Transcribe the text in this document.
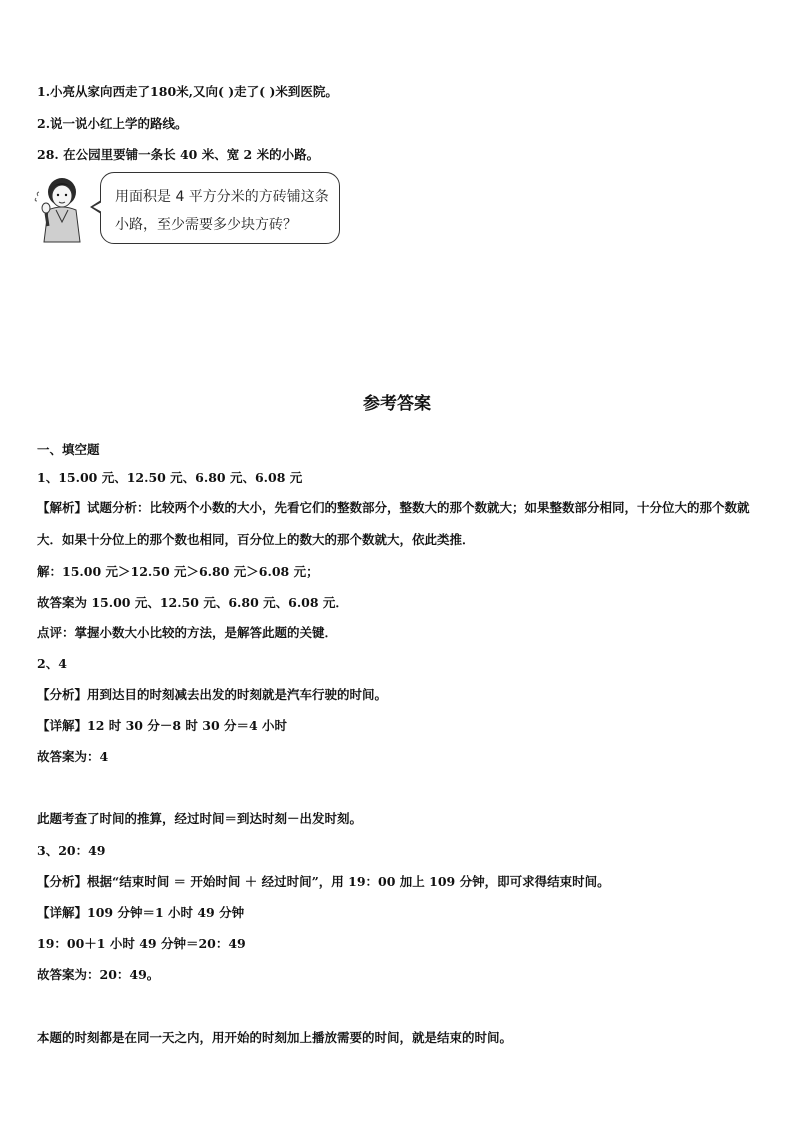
1.小亮从家向西走了180米,又向( )走了( )米到医院。
2.说一说小红上学的路线。
28. 在公园里要铺一条长 40 米、宽 2 米的小路。
用面积是 4 平方分米的方砖铺这条
小路，至少需要多少块方砖？
参考答案
一、填空题
1、15.00 元、12.50 元、6.80 元、6.08 元
【解析】试题分析：比较两个小数的大小，先看它们的整数部分，整数大的那个数就大；如果整数部分相同，十分位大的那个数就大．如果十分位上的那个数也相同，百分位上的数大的那个数就大，依此类推．
解：15.00 元＞12.50 元＞6.80 元＞6.08 元；
故答案为 15.00 元、12.50 元、6.80 元、6.08 元．
点评：掌握小数大小比较的方法，是解答此题的关键．
2、4
【分析】用到达目的时刻减去出发的时刻就是汽车行驶的时间。
【详解】12 时 30 分－8 时 30 分＝4 小时
故答案为：4
此题考查了时间的推算，经过时间＝到达时刻－出发时刻。
3、20：49
【分析】根据“结束时间 ＝ 开始时间 ＋ 经过时间”，用 19：00 加上 109 分钟，即可求得结束时间。
【详解】109 分钟＝1 小时 49 分钟
19：00＋1 小时 49 分钟＝20：49
故答案为：20：49。
本题的时刻都是在同一天之内，用开始的时刻加上播放需要的时间，就是结束的时间。
